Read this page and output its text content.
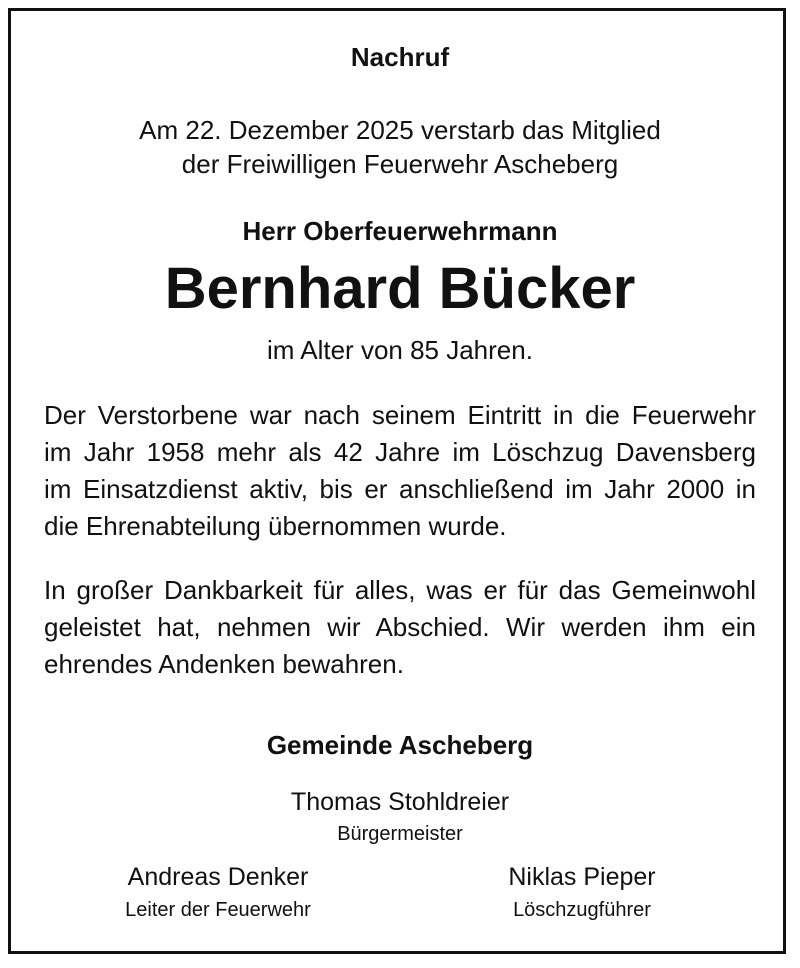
Nachruf
Am 22. Dezember 2025 verstarb das Mitglied
der Freiwilligen Feuerwehr Ascheberg
Herr Oberfeuerwehrmann
Bernhard Bücker
im Alter von 85 Jahren.
Der Verstorbene war nach seinem Eintritt in die Feuerwehr
im Jahr 1958 mehr als 42 Jahre im Löschzug Davensberg
im Einsatzdienst aktiv, bis er anschließend im Jahr 2000 in
die Ehrenabteilung übernommen wurde.
In großer Dankbarkeit für alles, was er für das Gemeinwohl
geleistet hat, nehmen wir Abschied. Wir werden ihm ein
ehrendes Andenken bewahren.
Gemeinde Ascheberg
Thomas Stohldreier
Bürgermeister
Andreas Denker
Leiter der Feuerwehr
Niklas Pieper
Löschzugführer
